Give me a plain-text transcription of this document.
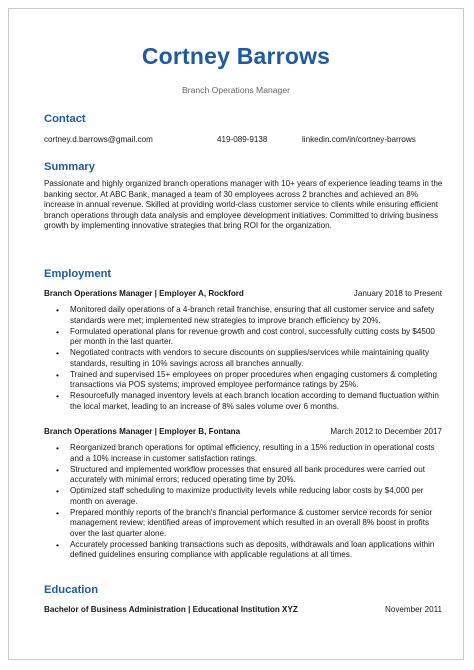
Cortney Barrows
Branch Operations Manager
Contact
cortney.d.barrows@gmail.com	419-089-9138	linkedin.com/in/cortney-barrows
Summary

Passionate and highly organized branch operations manager with 10+ years of experience leading teams in the banking sector. At ABC Bank, managed a team of 30 employees across 2 branches and achieved an 8% increase in annual revenue. Skilled at providing world-class customer service to clients while ensuring efficient branch operations through data analysis and employee development initiatives. Committed to driving business growth by implementing innovative strategies that bring ROI for the organization.

Employment
Branch Operations Manager | Employer A, Rockford	January 2018 to Present
• Monitored daily operations of a 4-branch retail franchise, ensuring that all customer service and safety standards were met; implemented new strategies to improve branch efficiency by 20%.
• Formulated operational plans for revenue growth and cost control, successfully cutting costs by $4500 per month in the last quarter.
• Negotiated contracts with vendors to secure discounts on supplies/services while maintaining quality standards, resulting in 10% savings across all branches annually.
• Trained and supervised 15+ employees on proper procedures when engaging customers & completing transactions via POS systems; improved employee performance ratings by 25%.
• Resourcefully managed inventory levels at each branch location according to demand fluctuation within the local market, leading to an increase of 8% sales volume over 6 months.
Branch Operations Manager | Employer B, Fontana	March 2012 to December 2017
• Reorganized branch operations for optimal efficiency, resulting in a 15% reduction in operational costs and a 10% increase in customer satisfaction ratings.
• Structured and implemented workflow processes that ensured all bank procedures were carried out accurately with minimal errors; reduced operating time by 20%.
• Optimized staff scheduling to maximize productivity levels while reducing labor costs by $4,000 per month on average.
• Prepared monthly reports of the branch's financial performance & customer service records for senior management review; identified areas of improvement which resulted in an overall 8% boost in profits over the last quarter alone.
• Accurately processed banking transactions such as deposits, withdrawals and loan applications within defined guidelines ensuring compliance with applicable regulations at all times.
Education
Bachelor of Business Administration | Educational Institution XYZ	November 2011
